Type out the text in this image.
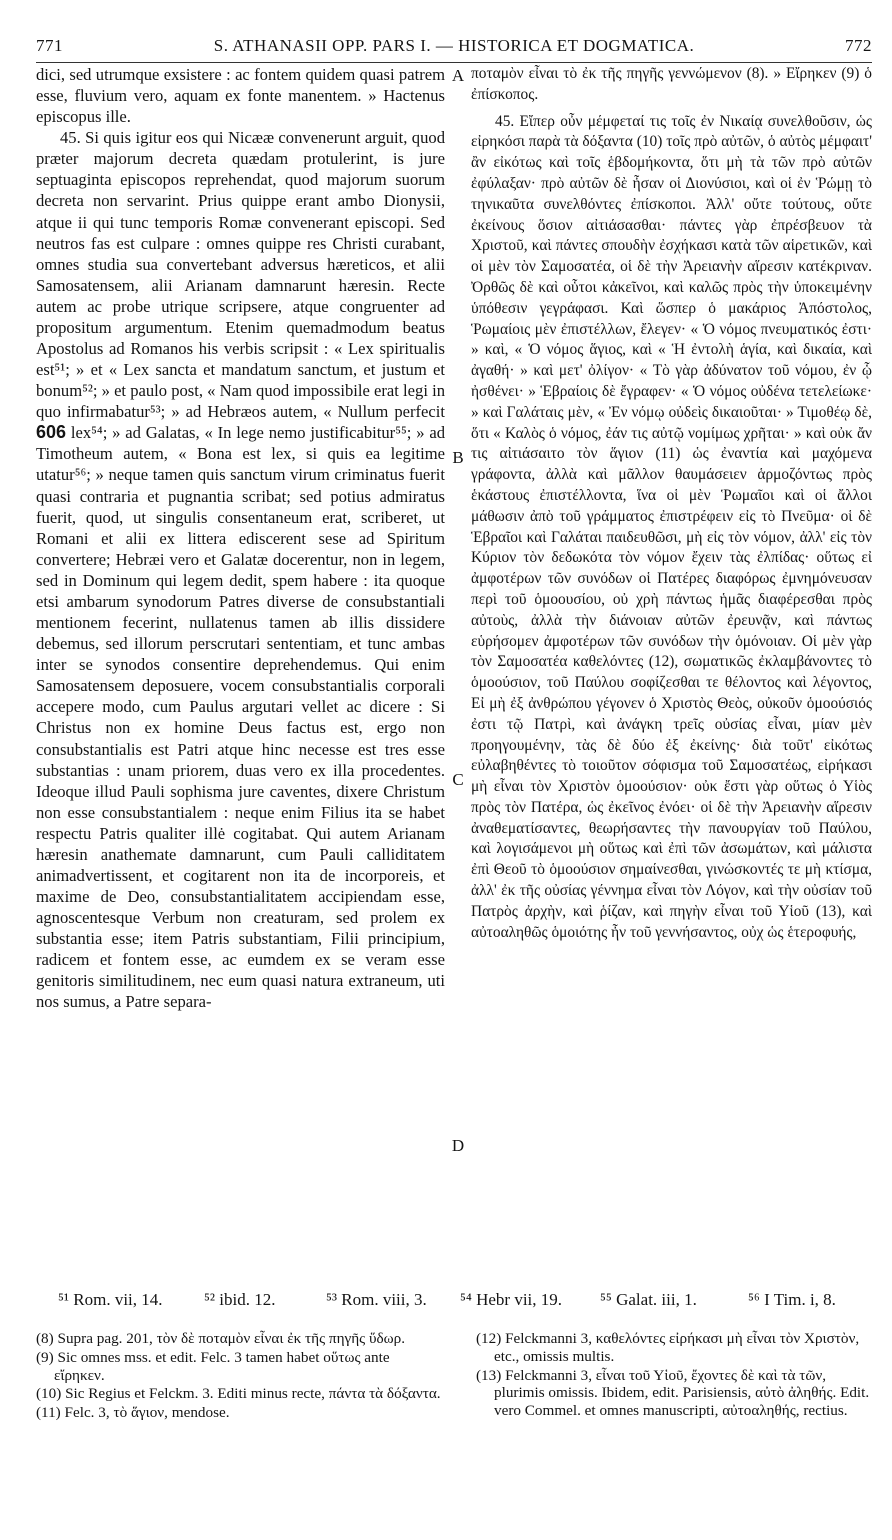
771	S. ATHANASII OPP. PARS I. — HISTORICA ET DOGMATICA.	772

dici, sed utrumque exsistere : ac fontem quidem quasi patrem esse, fluvium vero, aquam ex fonte manentem. » Hactenus episcopus ille.

45. Si quis igitur eos qui Nicææ convenerunt arguit, quod præter majorum decreta quædam protulerint, is jure septuaginta episcopos reprehendat, quod majorum suorum decreta non servarint. Prius quippe erant ambo Dionysii, atque ii qui tunc temporis Romæ convenerant episcopi. Sed neutros fas est culpare : omnes quippe res Christi curabant, omnes studia sua convertebant adversus hæreticos, et alii Samosatensem, alii Arianam damnarunt hæresin. Recte autem ac probe utrique scripsere, atque congruenter ad propositum argumentum. Etenim quemadmodum beatus Apostolus ad Romanos his verbis scripsit : « Lex spiritualis est⁵¹; » et « Lex sancta et mandatum sanctum, et justum et bonum⁵²; » et paulo post, « Nam quod impossibile erat legi in quo infirmabatur⁵³; » ad Hebræos autem, « Nullum perfecit 606 lex⁵⁴; » ad Galatas, « In lege nemo justificabitur⁵⁵; » ad Timotheum autem, « Bona est lex, si quis ea legitime utatur⁵⁶; » neque tamen quis sanctum virum criminatus fuerit quasi contraria et pugnantia scribat; sed potius admiratus fuerit, quod, ut singulis consentaneum erat, scriberet, ut Romani et alii ex littera ediscerent sese ad Spiritum convertere; Hebræi vero et Galatæ docerentur, non in legem, sed in Dominum qui legem dedit, spem habere : ita quoque etsi ambarum synodorum Patres diverse de consubstantiali mentionem fecerint, nullatenus tamen ab illis dissidere debemus, sed illorum perscrutari sententiam, et tunc ambas inter se synodos consentire deprehendemus. Qui enim Samosatensem deposuere, vocem consubstantialis corporali accepere modo, cum Paulus argutari vellet ac dicere : Si Christus non ex homine Deus factus est, ergo non consubstantialis est Patri atque hinc necesse est tres esse substantias : unam priorem, duas vero ex illa procedentes. Ideoque illud Pauli sophisma jure caventes, dixere Christum non esse consubstantialem : neque enim Filius ita se habet respectu Patris qualiter illė cogitabat. Qui autem Arianam hæresin anathemate damnarunt, cum Pauli calliditatem animadvertissent, et cogitarent non ita de incorporeis, et maxime de Deo, consubstantialitatem accipiendam esse, agnoscentesque Verbum non creaturam, sed prolem ex substantia esse; item Patris substantiam, Filii principium, radicem et fontem esse, ac eumdem ex se veram esse genitoris similitudinem, nec eum quasi natura extraneum, uti nos sumus, a Patre separa-

A
B
C
D

ποταμὸν εἶναι τὸ ἐκ τῆς πηγῆς γεννώμενον (8). » Εἴρηκεν (9) ὁ ἐπίσκοπος.

45. Εἴπερ οὖν μέμφεταί τις τοῖς ἐν Νικαίᾳ συνελθοῦσιν, ὡς εἰρηκόσι παρὰ τὰ δόξαντα (10) τοῖς πρὸ αὐτῶν, ὁ αὐτὸς μέμφαιτ' ἂν εἰκότως καὶ τοῖς ἑβδομήκοντα, ὅτι μὴ τὰ τῶν πρὸ αὐτῶν ἐφύλαξαν· πρὸ αὐτῶν δὲ ἦσαν οἱ Διονύσιοι, καὶ οἱ ἐν Ῥώμῃ τὸ τηνικαῦτα συνελθόντες ἐπίσκοποι. Ἀλλ' οὔτε τούτους, οὔτε ἐκείνους ὅσιον αἰτιάσασθαι· πάντες γὰρ ἐπρέσβευον τὰ Χριστοῦ, καὶ πάντες σπουδὴν ἐσχήκασι κατὰ τῶν αἱρετικῶν, καὶ οἱ μὲν τὸν Σαμοσατέα, οἱ δὲ τὴν Ἀρειανὴν αἵρεσιν κατέκριναν. Ὀρθῶς δὲ καὶ οὗτοι κἀκεῖνοι, καὶ καλῶς πρὸς τὴν ὑποκειμένην ὑπόθεσιν γεγράφασι. Καὶ ὥσπερ ὁ μακάριος Ἀπόστολος, Ῥωμαίοις μὲν ἐπιστέλλων, ἔλεγεν· « Ὁ νόμος πνευματικός ἐστι· » καὶ, « Ὁ νόμος ἅγιος, καὶ « Ἡ ἐντολὴ ἁγία, καὶ δικαία, καὶ ἀγαθή· » καὶ μετ' ὀλίγον· « Τὸ γὰρ ἀδύνατον τοῦ νόμου, ἐν ᾧ ἠσθένει· » Ἑβραίοις δὲ ἔγραφεν· « Ὁ νόμος οὐδένα τετελείωκε· » καὶ Γαλάταις μὲν, « Ἐν νόμῳ οὐδεὶς δικαιοῦται· » Τιμοθέῳ δὲ, ὅτι « Καλὸς ὁ νόμος, ἐάν τις αὐτῷ νομίμως χρῆται· » καὶ οὐκ ἄν τις αἰτιάσαιτο τὸν ἅγιον (11) ὡς ἐναντία καὶ μαχόμενα γράφοντα, ἀλλὰ καὶ μᾶλλον θαυμάσειεν ἁρμοζόντως πρὸς ἑκάστους ἐπιστέλλοντα, ἵνα οἱ μὲν Ῥωμαῖοι καὶ οἱ ἄλλοι μάθωσιν ἀπὸ τοῦ γράμματος ἐπιστρέφειν εἰς τὸ Πνεῦμα· οἱ δὲ Ἑβραῖοι καὶ Γαλάται παιδευθῶσι, μὴ εἰς τὸν νόμον, ἀλλ' εἰς τὸν Κύριον τὸν δεδωκότα τὸν νόμον ἔχειν τὰς ἐλπίδας· οὕτως εἰ ἀμφοτέρων τῶν συνόδων οἱ Πατέρες διαφόρως ἐμνημόνευσαν περὶ τοῦ ὁμοουσίου, οὐ χρὴ πάντως ἡμᾶς διαφέρεσθαι πρὸς αὐτοὺς, ἀλλὰ τὴν διάνοιαν αὐτῶν ἐρευνᾷν, καὶ πάντως εὑρήσομεν ἀμφοτέρων τῶν συνόδων τὴν ὁμόνοιαν. Οἱ μὲν γὰρ τὸν Σαμοσατέα καθελόντες (12), σωματικῶς ἐκλαμβάνοντες τὸ ὁμοούσιον, τοῦ Παύλου σοφίζεσθαι τε θέλοντος καὶ λέγοντος, Εἰ μὴ ἐξ ἀνθρώπου γέγονεν ὁ Χριστὸς Θεὸς, οὐκοῦν ὁμοούσιός ἐστι τῷ Πατρὶ, καὶ ἀνάγκη τρεῖς οὐσίας εἶναι, μίαν μὲν προηγουμένην, τὰς δὲ δύο ἐξ ἐκείνης· διὰ τοῦτ' εἰκότως εὐλαβηθέντες τὸ τοιοῦτον σόφισμα τοῦ Σαμοσατέως, εἰρήκασι μὴ εἶναι τὸν Χριστὸν ὁμοούσιον· οὐκ ἔστι γὰρ οὕτως ὁ Υἱὸς πρὸς τὸν Πατέρα, ὡς ἐκεῖνος ἐνόει· οἱ δὲ τὴν Ἀρειανὴν αἵρεσιν ἀναθεματίσαντες, θεωρήσαντες τὴν πανουργίαν τοῦ Παύλου, καὶ λογισάμενοι μὴ οὕτως καὶ ἐπὶ τῶν ἀσωμάτων, καὶ μάλιστα ἐπὶ Θεοῦ τὸ ὁμοούσιον σημαίνεσθαι, γινώσκοντές τε μὴ κτίσμα, ἀλλ' ἐκ τῆς οὐσίας γέννημα εἶναι τὸν Λόγον, καὶ τὴν οὐσίαν τοῦ Πατρὸς ἀρχὴν, καὶ ῥίζαν, καὶ πηγὴν εἶναι τοῦ Υἱοῦ (13), καὶ αὐτοαληθῶς ὁμοιότης ἦν τοῦ γεννήσαντος, οὐχ ὡς ἑτεροφυής,

⁵¹ Rom. vii, 14. ⁵² ibid. 12.	⁵³ Rom. viii, 3. ⁵⁴ Hebr vii, 19. ⁵⁵ Galat. iii, 1.	⁵⁶ I Tim. i, 8.

(8) Supra pag. 201, τὸν δὲ ποταμὸν εἶναι ἐκ τῆς πηγῆς ὕδωρ.

(9) Sic omnes mss. et edit. Felc. 3 tamen habet οὕτως ante εἴρηκεν.

(10) Sic Regius et Felckm. 3. Editi minus recte, πάντα τὰ δόξαντα.

(11) Felc. 3, τὸ ἅγιον, mendose.

(12) Felckmanni 3, καθελόντες εἰρήκασι μὴ εἶναι τὸν Χριστὸν, etc., omissis multis.

(13) Felckmanni 3, εἶναι τοῦ Υἱοῦ, ἔχοντες δὲ καὶ τὰ τῶν, plurimis omissis. Ibidem, edit. Parisiensis, αὐτὸ ἀληθής. Edit. vero Commel. et omnes manuscripti, αὐτοαληθής, rectius.
